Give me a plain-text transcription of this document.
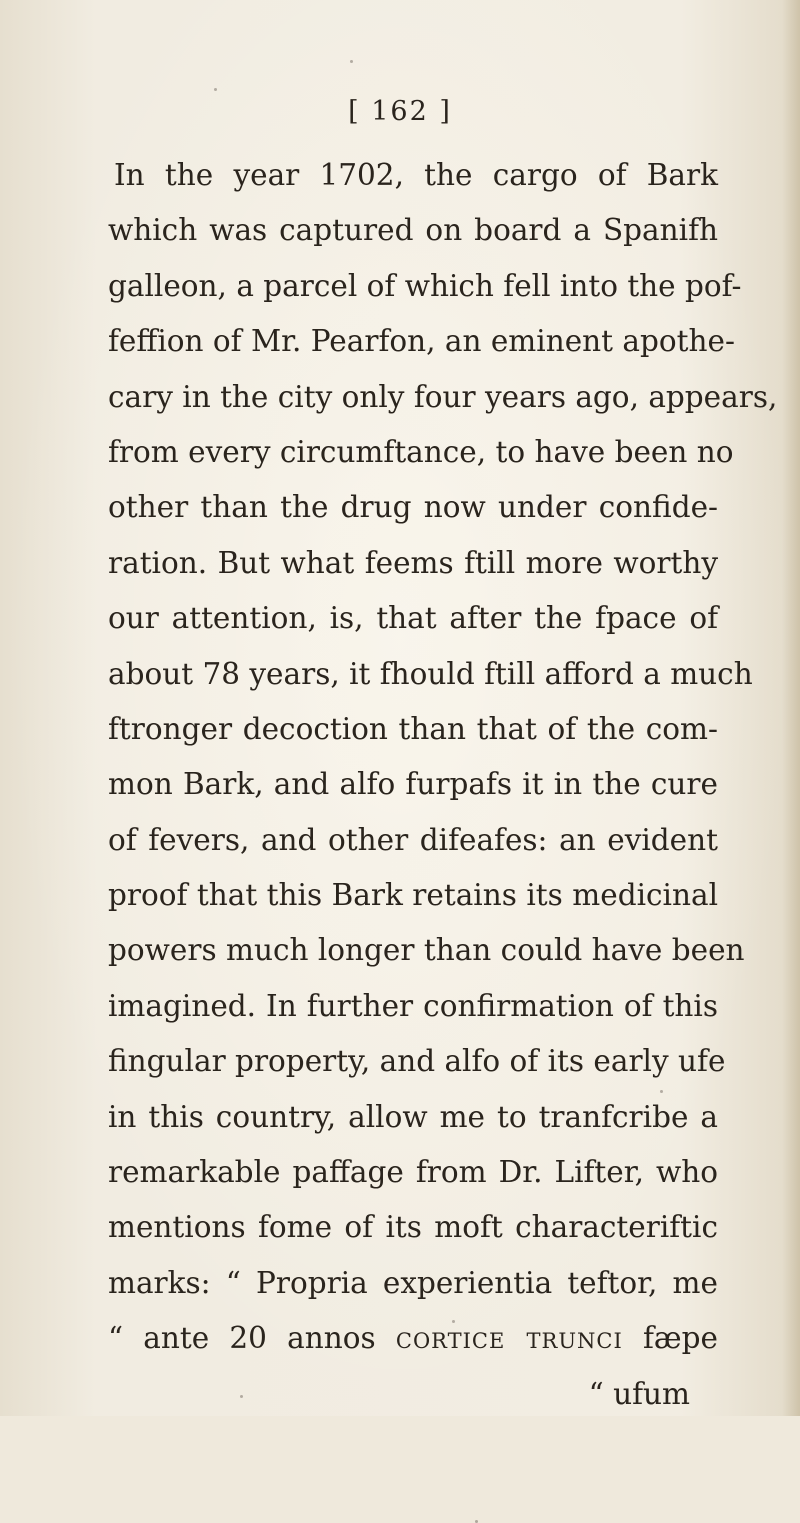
[ 162 ]
In the year 1702, the cargo of Bark
which was captured on board a Spanifh
galleon, a parcel of which fell into the pof-
feffion of Mr. Pearfon, an eminent apothe-
cary in the city only four years ago, appears,
from every circumftance, to have been no
other than the drug now under confide-
ration. But what feems ftill more worthy
our attention, is, that after the fpace of
about 78 years, it fhould ftill afford a much
ftronger decoction than that of the com-
mon Bark, and alfo furpafs it in the cure
of fevers, and other difeafes: an evident
proof that this Bark retains its medicinal
powers much longer than could have been
imagined. In further confirmation of this
fingular property, and alfo of its early ufe
in this country, allow me to tranfcribe a
remarkable paffage from Dr. Lifter, who
mentions fome of its moft characteriftic
marks: “ Propria experientia teftor, me
“ ante 20 annos cortice trunci fæpe
“ ufum
